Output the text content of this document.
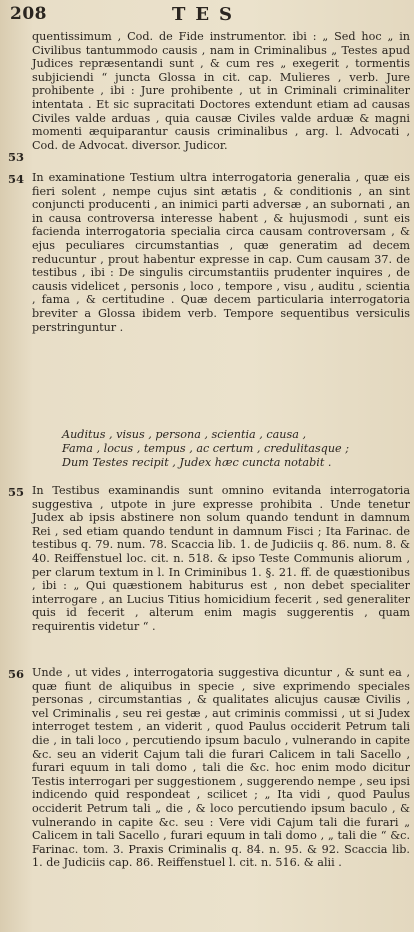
208	TES
53
54
55
56
quentissimum , Cod. de Fide instrumentor. ibi : „ Sed hoc „ in Civilibus tantummodo causis , nam in Criminalibus „ Testes apud Judices repræsentandi sunt , & cum res „ exegerit , tormentis subjiciendi “ juncta Glossa in cit. cap. Mulieres , verb. Jure prohibente , ibi : Jure prohibente , ut in Criminali criminaliter intentata . Et sic supracitati Doctores extendunt etiam ad causas Civiles valde arduas , quia causæ Civiles valde arduæ & magni momenti æquiparantur causis criminalibus , arg. l. Advocati , Cod. de Advocat. diversor. Judicor.
In examinatione Testium ultra interrogatoria generalia , quæ eis fieri solent , nempe cujus sint ætatis , & conditionis , an sint conjuncti producenti , an inimici parti adversæ , an subornati , an in causa controversa interesse habent , & hujusmodi , sunt eis facienda interrogatoria specialia circa causam controversam , & ejus peculiares circumstantias , quæ generatim ad decem reducuntur , prout habentur expresse in cap. Cum causam 37. de testibus , ibi : De singulis circumstantiis prudenter inquires , de causis videlicet , personis , loco , tempore , visu , auditu , scientia , fama , & certitudine . Quæ decem particularia interrogatoria breviter a Glossa ibidem verb. Tempore sequentibus versiculis perstringuntur .
Auditus , visus , persona , scientia , causa ,
Fama , locus , tempus , ac certum , credulitasque ;
Dum Testes recipit , Judex hæc cuncta notabit .
In Testibus examinandis sunt omnino evitanda interrogatoria suggestiva , utpote in jure expresse prohibita . Unde tenetur Judex ab ipsis abstinere non solum quando tendunt in damnum Rei , sed etiam quando tendunt in damnum Fisci ; Ita Farinac. de testibus q. 79. num. 78. Scaccia lib. 1. de Judiciis q. 86. num. 8. & 40. Reiffenstuel loc. cit. n. 518. & ipso Teste Communis aliorum , per clarum textum in l. In Criminibus 1. §. 21. ff. de quæstionibus , ibi : „ Qui quæstionem habiturus est , non debet specialiter interrogare , an Lucius Titius homicidium fecerit , sed generaliter quis id fecerit , alterum enim magis suggerentis , quam requirentis videtur “ .
Unde , ut vides , interrogatoria suggestiva dicuntur , & sunt ea , quæ fiunt de aliquibus in specie , sive exprimendo speciales personas , circumstantias , & qualitates alicujus causæ Civilis , vel Criminalis , seu rei gestæ , aut criminis commissi , ut si Judex interroget testem , an viderit , quod Paulus occiderit Petrum tali die , in tali loco , percutiendo ipsum baculo , vulnerando in capite &c. seu an viderit Cajum tali die furari Calicem in tali Sacello , furari equum in tali domo , tali die &c. hoc enim modo dicitur Testis interrogari per suggestionem , suggerendo nempe , seu ipsi indicendo quid respondeat , scilicet ; „ Ita vidi , quod Paulus occiderit Petrum tali „ die , & loco percutiendo ipsum baculo , & vulnerando in capite &c. seu : Vere vidi Cajum tali die furari „ Calicem in tali Sacello , furari equum in tali domo , „ tali die “ &c. Farinac. tom. 3. Praxis Criminalis q. 84. n. 95. & 92. Scaccia lib. 1. de Judiciis cap. 86. Reiffenstuel l. cit. n. 516. & alii .
